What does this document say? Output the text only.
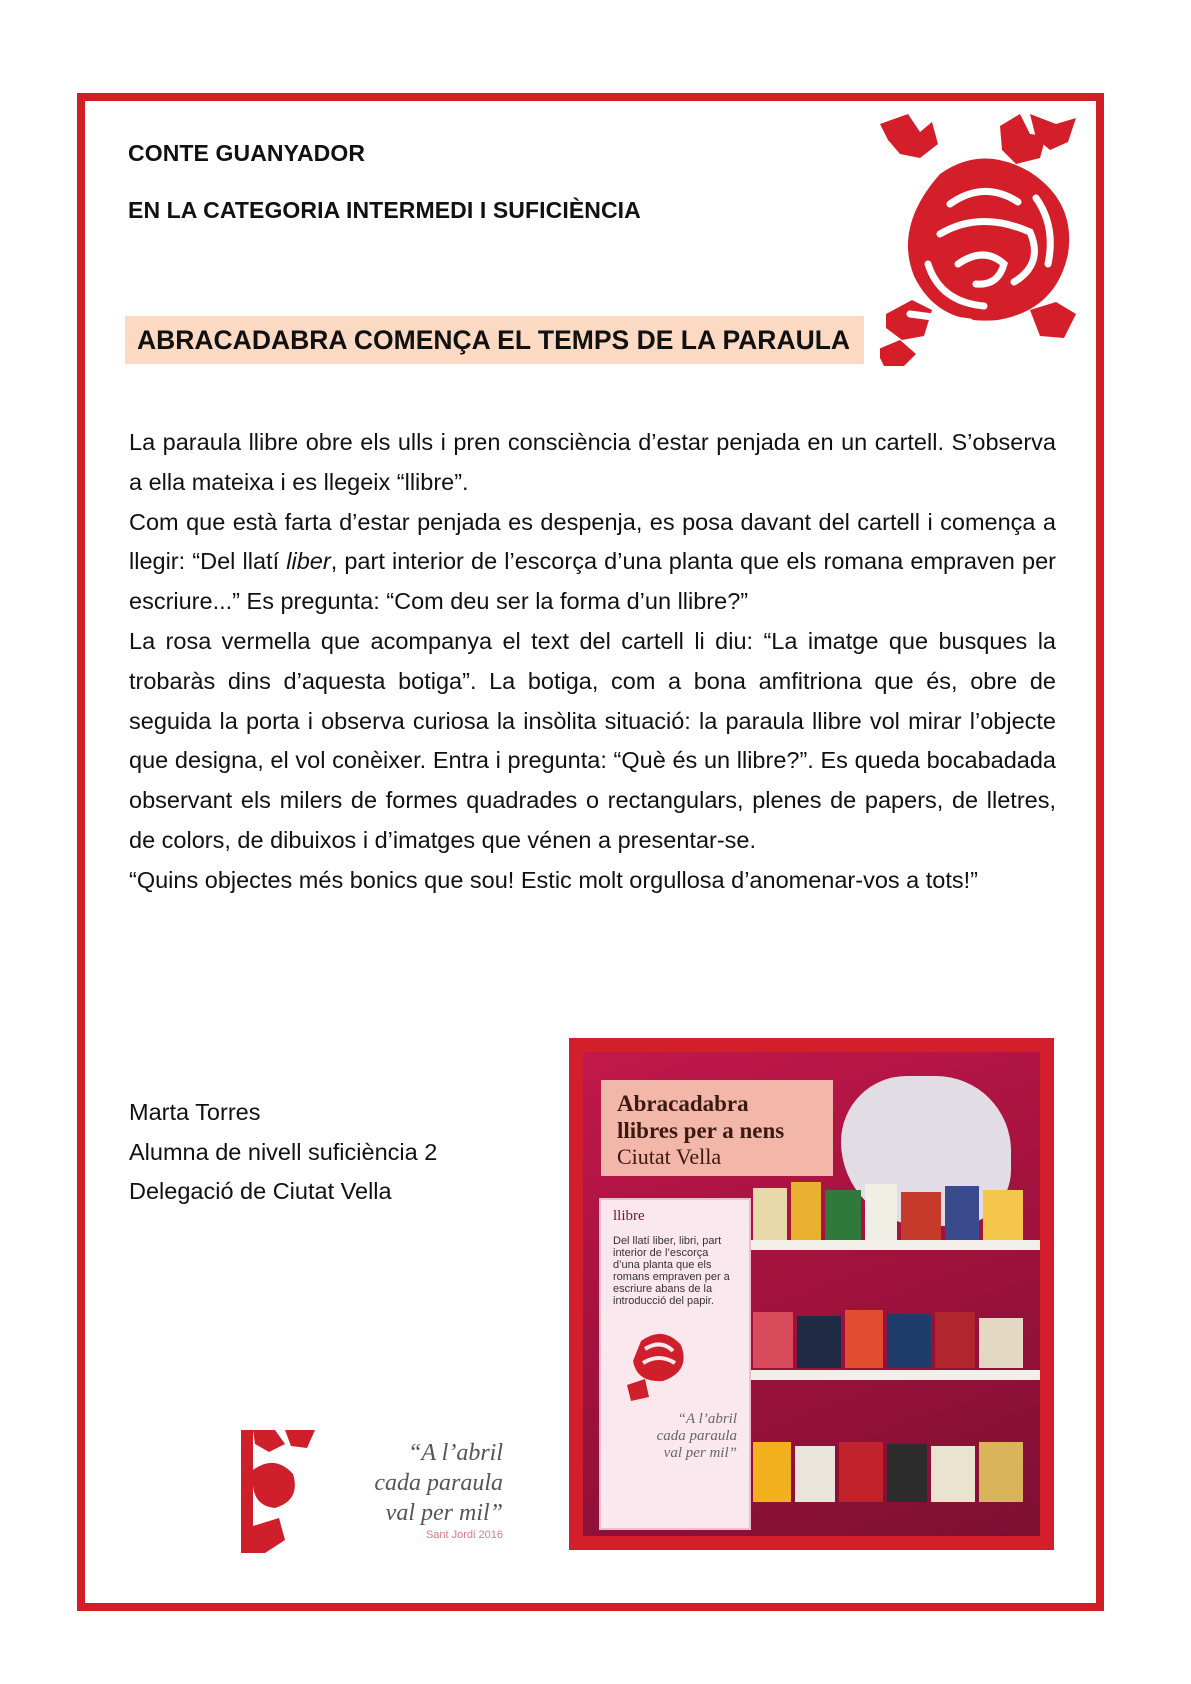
CONTE GUANYADOR
EN LA CATEGORIA INTERMEDI I SUFICIÈNCIA
ABRACADABRA COMENÇA EL TEMPS DE LA PARAULA

La paraula llibre obre els ulls i pren consciència d’estar penjada en un cartell. S’observa a ella mateixa i es llegeix “llibre”.

Com que està farta d’estar penjada es despenja, es posa davant del cartell i comença a llegir: “Del llatí liber, part interior de l’escorça d’una planta que els romana empraven per escriure...” Es pregunta: “Com deu ser la forma d’un llibre?”

La rosa vermella que acompanya el text del cartell li diu: “La imatge que busques la trobaràs dins d’aquesta botiga”. La botiga, com a bona amfitriona que és, obre de seguida la porta i observa curiosa la insòlita situació: la paraula llibre vol mirar l’objecte que designa, el vol conèixer. Entra i pregunta: “Què és un llibre?”. Es queda bocabadada observant els milers de formes quadrades o rectangulars, plenes de papers, de lletres, de colors, de dibuixos i d’imatges que vénen a presentar-se.

“Quins objectes més bonics que sou! Estic molt orgullosa d’anomenar-vos a tots!”

Marta Torres
Alumna de nivell suficiència 2
Delegació de Ciutat Vella
“A l’abril
cada paraula
val per mil”
Sant Jordi 2016
Abracadabra
llibres per a nens
Ciutat Vella
llibre
Del llatí liber, libri, part interior de l’escorça d’una planta que els romans empraven per a escriure abans de la introducció del papir.
“A l’abril
cada paraula
val per mil”
